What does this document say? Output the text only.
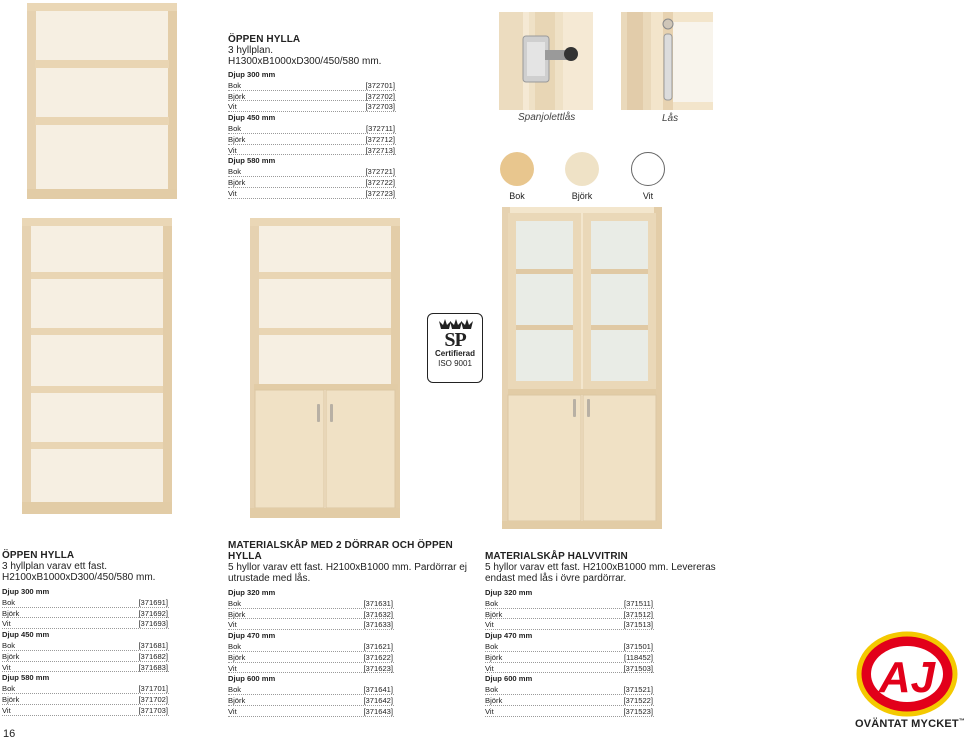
ÖPPEN HYLLA
3 hyllplan. H1300xB1000xD300/450/580 mm.
Djup 300 mm
Bok	[372701]
Björk	[372702]
Vit	[372703]
Djup 450 mm
Bok	[372711]
Björk	[372712]
Vit	[372713]
Djup 580 mm
Bok	[372721]
Björk	[372722]
Vit	[372723]
Spanjolettlås	Lås
Bok	Björk	Vit
SP
Certifierad
ISO 9001
ÖPPEN HYLLA
3 hyllplan varav ett fast.
H2100xB1000xD300/450/580 mm.
Djup 300 mm
Bok	[371691]
Björk	[371692]
Vit	[371693]
Djup 450 mm
Bok	[371681]
Björk	[371682]
Vit	[371683]
Djup 580 mm
Bok	[371701]
Björk	[371702]
Vit	[371703]
MATERIALSKÅP MED 2 DÖRRAR OCH ÖPPEN
HYLLA
5 hyllor varav ett fast. H2100xB1000 mm. Pardörrar ej
utrustade med lås.
Djup 320 mm
Bok	[371631]
Björk	[371632]
Vit	[371633]
Djup 470 mm
Bok	[371621]
Björk	[371622]
Vit	[371623]
Djup 600 mm
Bok	[371641]
Björk	[371642]
Vit	[371643]
MATERIALSKÅP HALVVITRIN
5 hyllor varav ett fast. H2100xB1000 mm. Levereras
endast med lås i övre pardörrar.
Djup 320 mm
Bok	[371511]
Björk	[371512]
Vit	[371513]
Djup 470 mm
Bok	[371501]
Björk	[118452]
Vit	[371503]
Djup 600 mm
Bok	[371521]
Björk	[371522]
Vit	[371523]
AJ
OVÄNTAT MYCKET™
16
